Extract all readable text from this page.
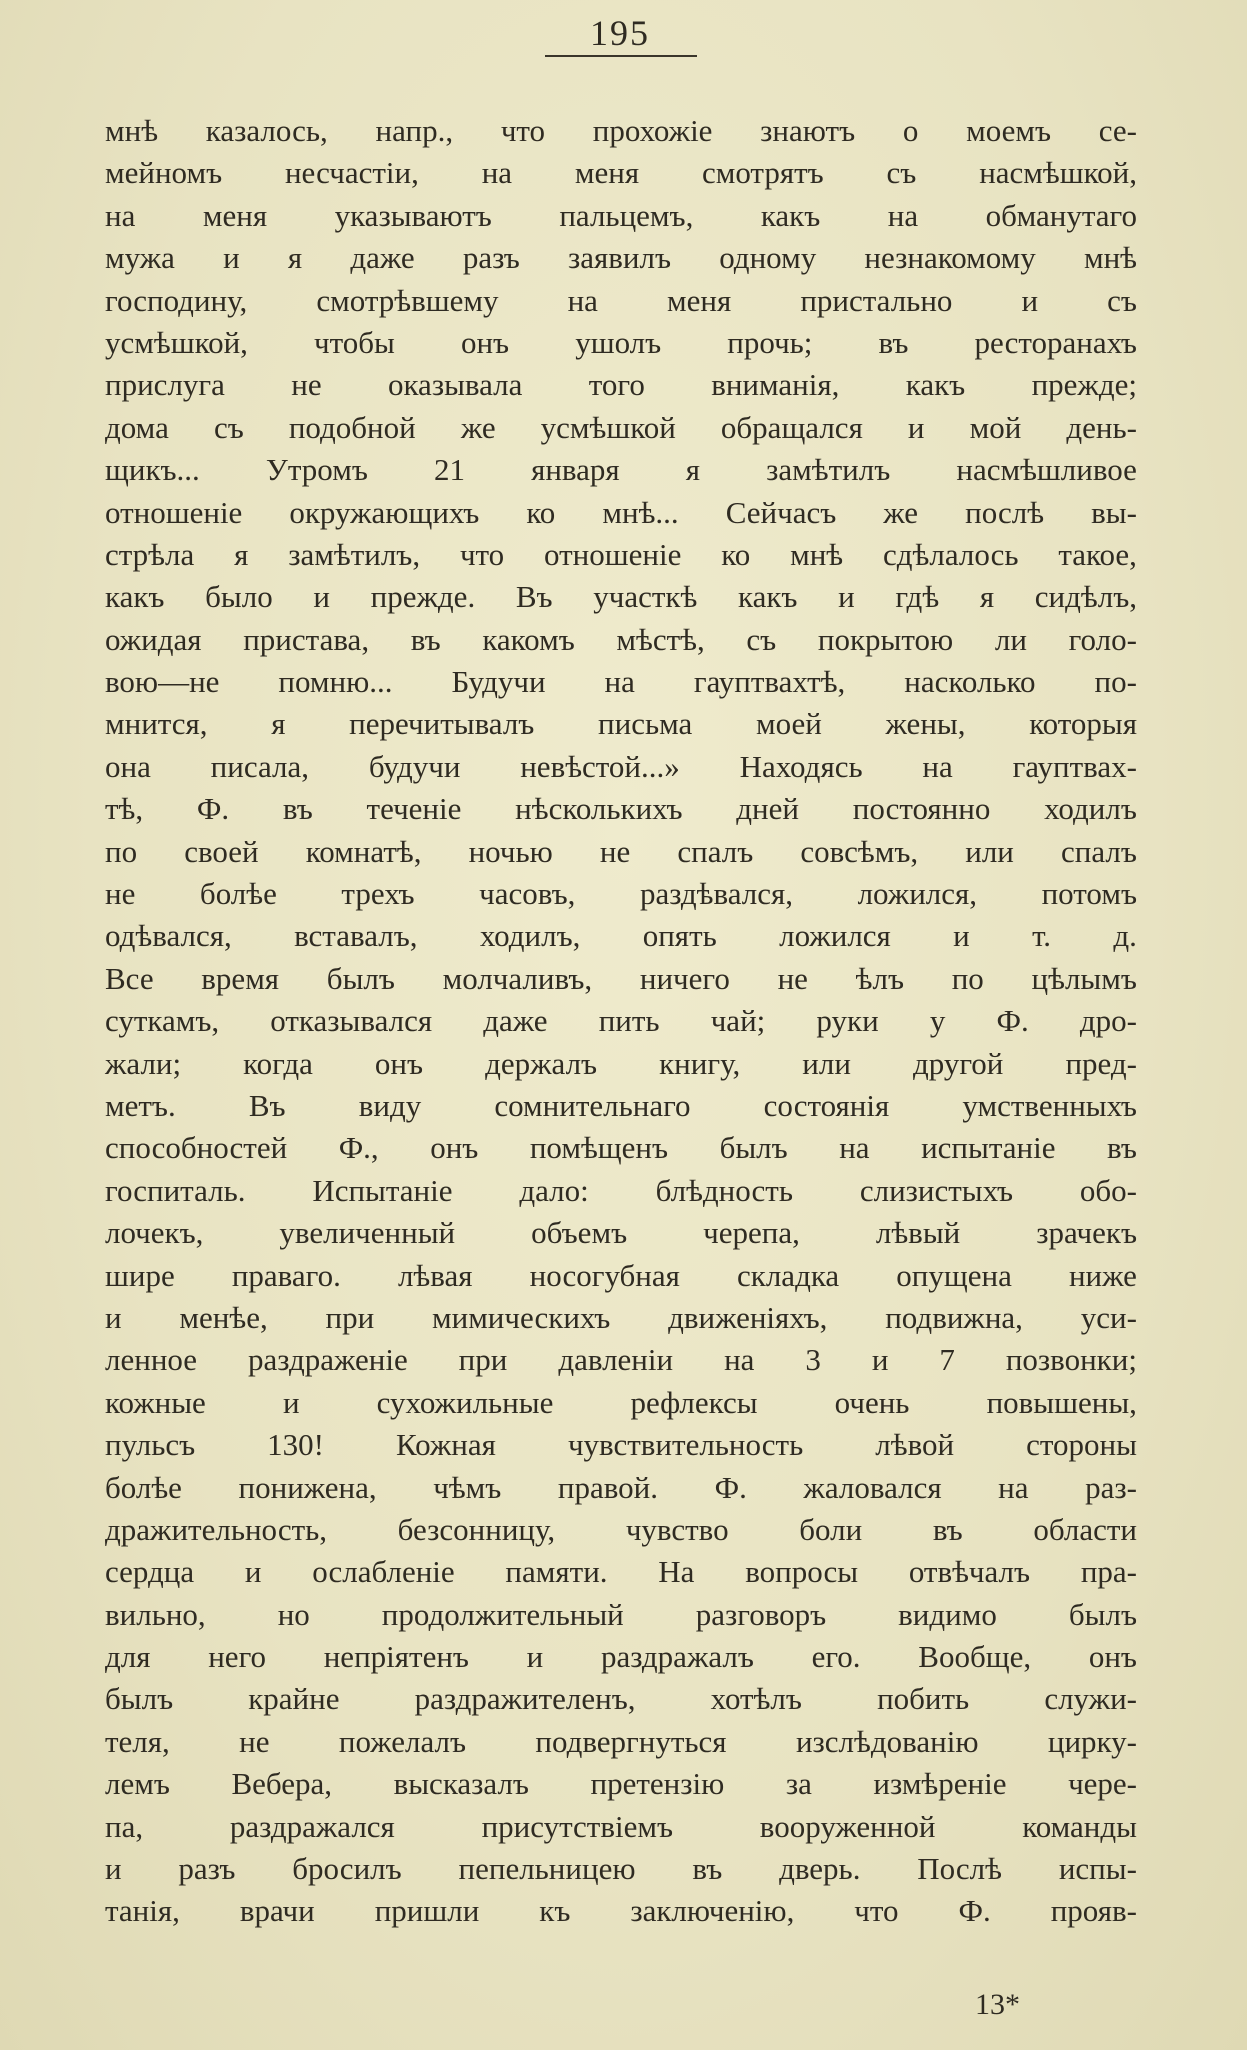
195
мнѣ казалось, напр., что прохожіе знаютъ о моемъ се-
мейномъ несчастіи, на меня смотрятъ съ насмѣшкой,
на меня указываютъ пальцемъ, какъ на обманутаго
мужа и я даже разъ заявилъ одному незнакомому мнѣ
господину, смотрѣвшему на меня пристально и съ
усмѣшкой, чтобы онъ ушолъ прочь; въ ресторанахъ
прислуга не оказывала того вниманія, какъ прежде;
дома съ подобной же усмѣшкой обращался и мой день-
щикъ... Утромъ 21 января я замѣтилъ насмѣшливое
отношеніе окружающихъ ко мнѣ... Сейчасъ же послѣ вы-
стрѣла я замѣтилъ, что отношеніе ко мнѣ сдѣлалось такое,
какъ было и прежде. Въ участкѣ какъ и гдѣ я сидѣлъ,
ожидая пристава, въ какомъ мѣстѣ, съ покрытою ли голо-
вою—не помню... Будучи на гауптвахтѣ, насколько по-
мнится, я перечитывалъ письма моей жены, которыя
она писала, будучи невѣстой...» Находясь на гауптвах-
тѣ, Ф. въ теченіе нѣсколькихъ дней постоянно ходилъ
по своей комнатѣ, ночью не спалъ совсѣмъ, или спалъ
не болѣе трехъ часовъ, раздѣвался, ложился, потомъ
одѣвался, вставалъ, ходилъ, опять ложился и т. д.
Все время былъ молчаливъ, ничего не ѣлъ по цѣлымъ
суткамъ, отказывался даже пить чай; руки у Ф. дро-
жали; когда онъ держалъ книгу, или другой пред-
метъ. Въ виду сомнительнаго состоянія умственныхъ
способностей Ф., онъ помѣщенъ былъ на испытаніе въ
госпиталь. Испытаніе дало: блѣдность слизистыхъ обо-
лочекъ, увеличенный объемъ черепа, лѣвый зрачекъ
шире праваго. лѣвая носогубная складка опущена ниже
и менѣе, при мимическихъ движеніяхъ, подвижна, уси-
ленное раздраженіе при давленіи на 3 и 7 позвонки;
кожные и сухожильные рефлексы очень повышены,
пульсъ 130! Кожная чувствительность лѣвой стороны
болѣе понижена, чѣмъ правой. Ф. жаловался на раз-
дражительность, безсонницу, чувство боли въ области
сердца и ослабленіе памяти. На вопросы отвѣчалъ пра-
вильно, но продолжительный разговоръ видимо былъ
для него непріятенъ и раздражалъ его. Вообще, онъ
былъ крайне раздражителенъ, хотѣлъ побить служи-
теля, не пожелалъ подвергнуться изслѣдованію цирку-
лемъ Вебера, высказалъ претензію за измѣреніе чере-
па,	раздражался	присутствіемъ	вооруженной	команды
и разъ бросилъ пепельницею въ дверь. Послѣ испы-
танія, врачи пришли къ заключенію, что Ф. прояв-
13*
